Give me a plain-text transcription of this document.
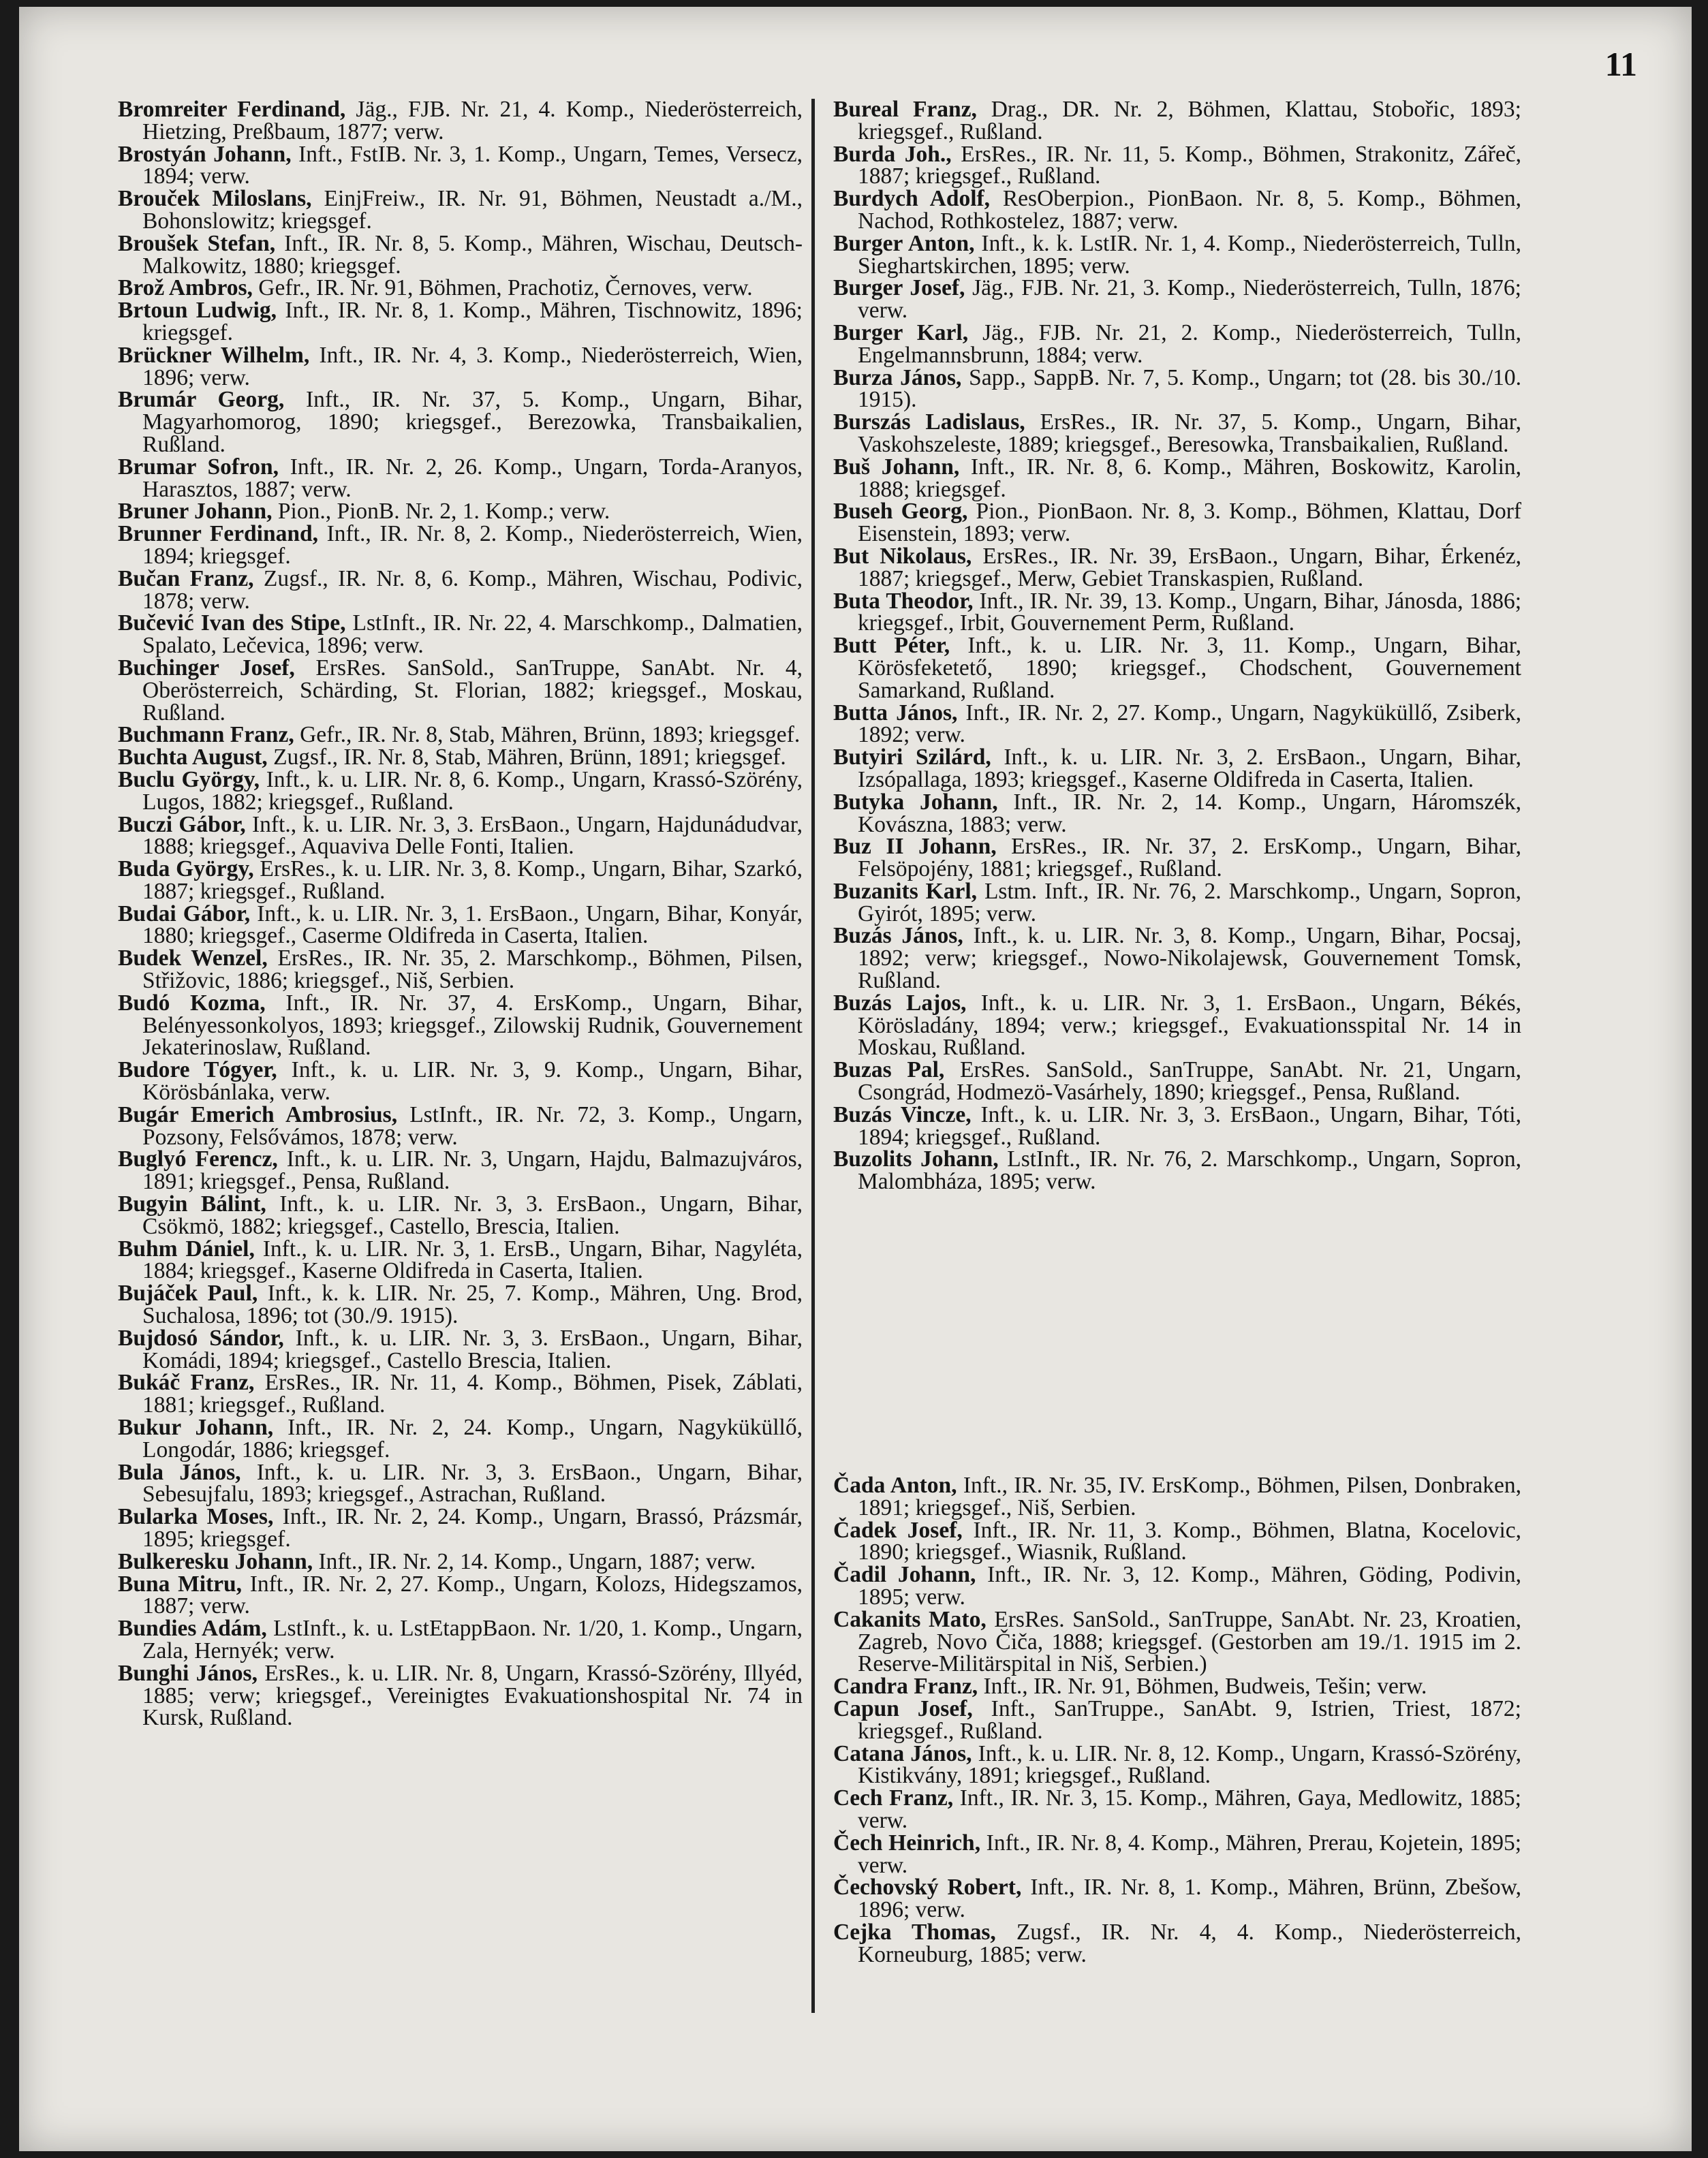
11

Bromreiter Ferdinand, Jäg., FJB. Nr. 21, 4. Komp., Niederösterreich, Hietzing, Preßbaum, 1877; verw.

Brostyán Johann, Inft., FstIB. Nr. 3, 1. Komp., Ungarn, Temes, Versecz, 1894; verw.

Brouček Miloslans, EinjFreiw., IR. Nr. 91, Böhmen, Neustadt a./M., Bohonslowitz; kriegsgef.

Broušek Stefan, Inft., IR. Nr. 8, 5. Komp., Mähren, Wischau, Deutsch-Malkowitz, 1880; kriegsgef.

Brož Ambros, Gefr., IR. Nr. 91, Böhmen, Prachotiz, Černoves, verw.

Brtoun Ludwig, Inft., IR. Nr. 8, 1. Komp., Mähren, Tischnowitz, 1896; kriegsgef.

Brückner Wilhelm, Inft., IR. Nr. 4, 3. Komp., Niederösterreich, Wien, 1896; verw.

Brumár Georg, Inft., IR. Nr. 37, 5. Komp., Ungarn, Bihar, Magyarhomorog, 1890; kriegsgef., Berezowka, Transbaikalien, Rußland.

Brumar Sofron, Inft., IR. Nr. 2, 26. Komp., Ungarn, Torda-Aranyos, Harasztos, 1887; verw.

Bruner Johann, Pion., PionB. Nr. 2, 1. Komp.; verw.

Brunner Ferdinand, Inft., IR. Nr. 8, 2. Komp., Niederösterreich, Wien, 1894; kriegsgef.

Bučan Franz, Zugsf., IR. Nr. 8, 6. Komp., Mähren, Wischau, Podivic, 1878; verw.

Bučević Ivan des Stipe, LstInft., IR. Nr. 22, 4. Marschkomp., Dalmatien, Spalato, Lečevica, 1896; verw.

Buchinger Josef, ErsRes. SanSold., SanTruppe, SanAbt. Nr. 4, Oberösterreich, Schärding, St. Florian, 1882; kriegsgef., Moskau, Rußland.

Buchmann Franz, Gefr., IR. Nr. 8, Stab, Mähren, Brünn, 1893; kriegsgef.

Buchta August, Zugsf., IR. Nr. 8, Stab, Mähren, Brünn, 1891; kriegsgef.

Buclu György, Inft., k. u. LIR. Nr. 8, 6. Komp., Ungarn, Krassó-Szörény, Lugos, 1882; kriegsgef., Rußland.

Buczi Gábor, Inft., k. u. LIR. Nr. 3, 3. ErsBaon., Ungarn, Hajdunádudvar, 1888; kriegsgef., Aquaviva Delle Fonti, Italien.

Buda György, ErsRes., k. u. LIR. Nr. 3, 8. Komp., Ungarn, Bihar, Szarkó, 1887; kriegsgef., Rußland.

Budai Gábor, Inft., k. u. LIR. Nr. 3, 1. ErsBaon., Ungarn, Bihar, Konyár, 1880; kriegsgef., Caserme Oldifreda in Caserta, Italien.

Budek Wenzel, ErsRes., IR. Nr. 35, 2. Marschkomp., Böhmen, Pilsen, Střižovic, 1886; kriegsgef., Niš, Serbien.

Budó Kozma, Inft., IR. Nr. 37, 4. ErsKomp., Ungarn, Bihar, Belényessonkolyos, 1893; kriegsgef., Zilowskij Rudnik, Gouvernement Jekaterinoslaw, Rußland.

Budore Tógyer, Inft., k. u. LIR. Nr. 3, 9. Komp., Ungarn, Bihar, Körösbánlaka, verw.

Bugár Emerich Ambrosius, LstInft., IR. Nr. 72, 3. Komp., Ungarn, Pozsony, Felsővámos, 1878; verw.

Buglyó Ferencz, Inft., k. u. LIR. Nr. 3, Ungarn, Hajdu, Balmazujváros, 1891; kriegsgef., Pensa, Rußland.

Bugyin Bálint, Inft., k. u. LIR. Nr. 3, 3. ErsBaon., Ungarn, Bihar, Csökmö, 1882; kriegsgef., Castello, Brescia, Italien.

Buhm Dániel, Inft., k. u. LIR. Nr. 3, 1. ErsB., Ungarn, Bihar, Nagyléta, 1884; kriegsgef., Kaserne Oldifreda in Caserta, Italien.

Bujáček Paul, Inft., k. k. LIR. Nr. 25, 7. Komp., Mähren, Ung. Brod, Suchalosa, 1896; tot (30./9. 1915).

Bujdosó Sándor, Inft., k. u. LIR. Nr. 3, 3. ErsBaon., Ungarn, Bihar, Komádi, 1894; kriegsgef., Castello Brescia, Italien.

Bukáč Franz, ErsRes., IR. Nr. 11, 4. Komp., Böhmen, Pisek, Záblati, 1881; kriegsgef., Rußland.

Bukur Johann, Inft., IR. Nr. 2, 24. Komp., Ungarn, Nagyküküllő, Longodár, 1886; kriegsgef.

Bula János, Inft., k. u. LIR. Nr. 3, 3. ErsBaon., Ungarn, Bihar, Sebesujfalu, 1893; kriegsgef., Astrachan, Rußland.

Bularka Moses, Inft., IR. Nr. 2, 24. Komp., Ungarn, Brassó, Prázsmár, 1895; kriegsgef.

Bulkeresku Johann, Inft., IR. Nr. 2, 14. Komp., Ungarn, 1887; verw.

Buna Mitru, Inft., IR. Nr. 2, 27. Komp., Ungarn, Kolozs, Hidegszamos, 1887; verw.

Bundies Adám, LstInft., k. u. LstEtappBaon. Nr. 1/20, 1. Komp., Ungarn, Zala, Hernyék; verw.

Bunghi János, ErsRes., k. u. LIR. Nr. 8, Ungarn, Krassó-Szörény, Illyéd, 1885; verw; kriegsgef., Vereinigtes Evakuationshospital Nr. 74 in Kursk, Rußland.

Bureal Franz, Drag., DR. Nr. 2, Böhmen, Klattau, Stobořic, 1893; kriegsgef., Rußland.

Burda Joh., ErsRes., IR. Nr. 11, 5. Komp., Böhmen, Strakonitz, Zářeč, 1887; kriegsgef., Rußland.

Burdych Adolf, ResOberpion., PionBaon. Nr. 8, 5. Komp., Böhmen, Nachod, Rothkostelez, 1887; verw.

Burger Anton, Inft., k. k. LstIR. Nr. 1, 4. Komp., Niederösterreich, Tulln, Sieghartskirchen, 1895; verw.

Burger Josef, Jäg., FJB. Nr. 21, 3. Komp., Niederösterreich, Tulln, 1876; verw.

Burger Karl, Jäg., FJB. Nr. 21, 2. Komp., Niederösterreich, Tulln, Engelmannsbrunn, 1884; verw.

Burza János, Sapp., SappB. Nr. 7, 5. Komp., Ungarn; tot (28. bis 30./10. 1915).

Burszás Ladislaus, ErsRes., IR. Nr. 37, 5. Komp., Ungarn, Bihar, Vaskohszeleste, 1889; kriegsgef., Beresowka, Transbaikalien, Rußland.

Buš Johann, Inft., IR. Nr. 8, 6. Komp., Mähren, Boskowitz, Karolin, 1888; kriegsgef.

Buseh Georg, Pion., PionBaon. Nr. 8, 3. Komp., Böhmen, Klattau, Dorf Eisenstein, 1893; verw.

But Nikolaus, ErsRes., IR. Nr. 39, ErsBaon., Ungarn, Bihar, Érkenéz, 1887; kriegsgef., Merw, Gebiet Transkaspien, Rußland.

Buta Theodor, Inft., IR. Nr. 39, 13. Komp., Ungarn, Bihar, Jánosda, 1886; kriegsgef., Irbit, Gouvernement Perm, Rußland.

Butt Péter, Inft., k. u. LIR. Nr. 3, 11. Komp., Ungarn, Bihar, Körösfeketető, 1890; kriegsgef., Chodschent, Gouvernement Samarkand, Rußland.

Butta János, Inft., IR. Nr. 2, 27. Komp., Ungarn, Nagyküküllő, Zsiberk, 1892; verw.

Butyiri Szilárd, Inft., k. u. LIR. Nr. 3, 2. ErsBaon., Ungarn, Bihar, Izsópallaga, 1893; kriegsgef., Kaserne Oldifreda in Caserta, Italien.

Butyka Johann, Inft., IR. Nr. 2, 14. Komp., Ungarn, Háromszék, Kovászna, 1883; verw.

Buz II Johann, ErsRes., IR. Nr. 37, 2. ErsKomp., Ungarn, Bihar, Felsöpojény, 1881; kriegsgef., Rußland.

Buzanits Karl, Lstm. Inft., IR. Nr. 76, 2. Marschkomp., Ungarn, Sopron, Gyirót, 1895; verw.

Buzás János, Inft., k. u. LIR. Nr. 3, 8. Komp., Ungarn, Bihar, Pocsaj, 1892; verw; kriegsgef., Nowo-Nikolajewsk, Gouvernement Tomsk, Rußland.

Buzás Lajos, Inft., k. u. LIR. Nr. 3, 1. ErsBaon., Ungarn, Békés, Körösladány, 1894; verw.; kriegsgef., Evakuationsspital Nr. 14 in Moskau, Rußland.

Buzas Pal, ErsRes. SanSold., SanTruppe, SanAbt. Nr. 21, Ungarn, Csongrád, Hodmezö-Vasárhely, 1890; kriegsgef., Pensa, Rußland.

Buzás Vincze, Inft., k. u. LIR. Nr. 3, 3. ErsBaon., Ungarn, Bihar, Tóti, 1894; kriegsgef., Rußland.

Buzolits Johann, LstInft., IR. Nr. 76, 2. Marschkomp., Ungarn, Sopron, Malombháza, 1895; verw.

Čada Anton, Inft., IR. Nr. 35, IV. ErsKomp., Böhmen, Pilsen, Donbraken, 1891; kriegsgef., Niš, Serbien.

Čadek Josef, Inft., IR. Nr. 11, 3. Komp., Böhmen, Blatna, Kocelovic, 1890; kriegsgef., Wiasnik, Rußland.

Čadil Johann, Inft., IR. Nr. 3, 12. Komp., Mähren, Göding, Podivin, 1895; verw.

Cakanits Mato, ErsRes. SanSold., SanTruppe, SanAbt. Nr. 23, Kroatien, Zagreb, Novo Čiča, 1888; kriegsgef. (Gestorben am 19./1. 1915 im 2. Reserve-Militärspital in Niš, Serbien.)

Candra Franz, Inft., IR. Nr. 91, Böhmen, Budweis, Tešin; verw.

Capun Josef, Inft., SanTruppe., SanAbt. 9, Istrien, Triest, 1872; kriegsgef., Rußland.

Catana János, Inft., k. u. LIR. Nr. 8, 12. Komp., Ungarn, Krassó-Szörény, Kistikvány, 1891; kriegsgef., Rußland.

Cech Franz, Inft., IR. Nr. 3, 15. Komp., Mähren, Gaya, Medlowitz, 1885; verw.

Čech Heinrich, Inft., IR. Nr. 8, 4. Komp., Mähren, Prerau, Kojetein, 1895; verw.

Čechovský Robert, Inft., IR. Nr. 8, 1. Komp., Mähren, Brünn, Zbešow, 1896; verw.

Cejka Thomas, Zugsf., IR. Nr. 4, 4. Komp., Niederösterreich, Korneuburg, 1885; verw.
